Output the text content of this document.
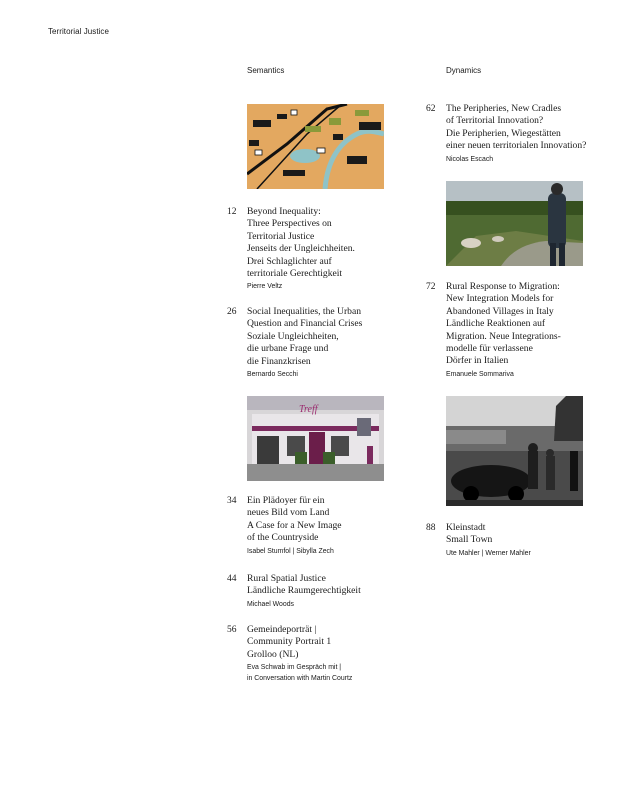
Territorial Justice
Semantics	Dynamics
Treff
12 Beyond Inequality:
Three Perspectives on
Territorial Justice
Jenseits der Ungleichheiten.
Drei Schlaglichter auf
territoriale Gerechtigkeit
Pierre Veltz
26 Social Inequalities, the Urban
Question and Financial Crises
Soziale Ungleichheiten,
die urbane Frage und
die Finanzkrisen
Bernardo Secchi
34 Ein Plädoyer für ein
neues Bild vom Land
A Case for a New Image
of the Countryside
Isabel Stumfol | Sibylla Zech
44 Rural Spatial Justice
Ländliche Raumgerechtigkeit
Michael Woods
56 Gemeindeporträt |
Community Portrait 1
Grolloo (NL)
Eva Schwab im Gespräch mit |
in Conversation with Martin Courtz
62 The Peripheries, New Cradles
of Territorial Innovation?
Die Peripherien, Wiegestätten
einer neuen territorialen Innovation?
Nicolas Escach
72 Rural Response to Migration:
New Integration Models for
Abandoned Villages in Italy
Ländliche Reaktionen auf
Migration. Neue Integrations-
modelle für verlassene
Dörfer in Italien
Emanuele Sommariva
88 Kleinstadt
Small Town
Ute Mahler | Werner Mahler
